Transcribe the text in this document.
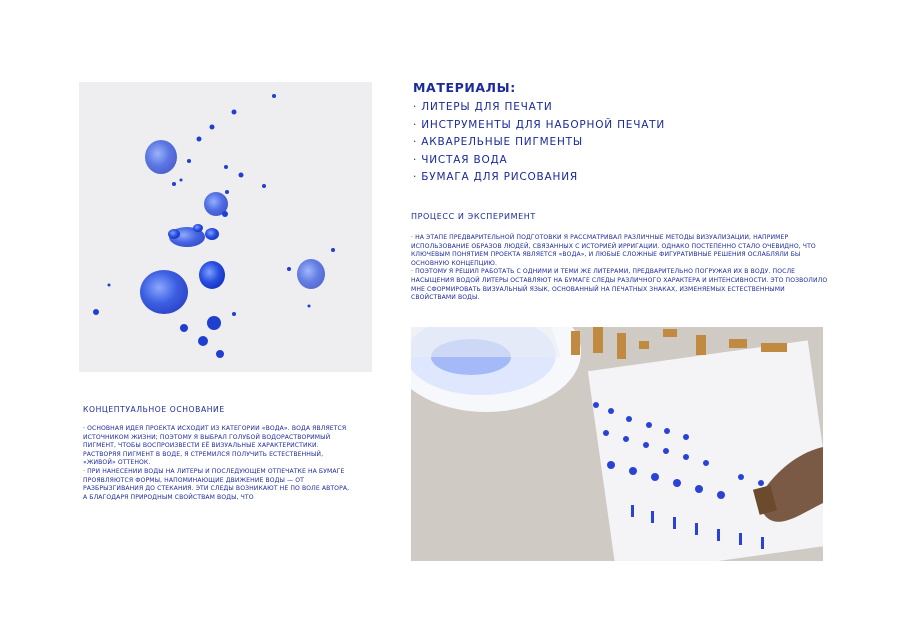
МАТЕРИАЛЫ:
· ЛИТЕРЫ ДЛЯ ПЕЧАТИ
· ИНСТРУМЕНТЫ ДЛЯ НАБОРНОЙ ПЕЧАТИ
· АКВАРЕЛЬНЫЕ ПИГМЕНТЫ
· ЧИСТАЯ ВОДА
· БУМАГА ДЛЯ РИСОВАНИЯ
ПРОЦЕСС И ЭКСПЕРИМЕНТ
· НА ЭТАПЕ ПРЕДВАРИТЕЛЬНОЙ ПОДГОТОВКИ Я РАССМАТРИВАЛ РАЗЛИЧНЫЕ МЕТОДЫ ВИЗУАЛИЗАЦИИ, НАПРИМЕР ИСПОЛЬЗОВАНИЕ ОБРАЗОВ ЛЮДЕЙ, СВЯЗАННЫХ С ИСТОРИЕЙ ИРРИГАЦИИ. ОДНАКО ПОСТЕПЕННО СТАЛО ОЧЕВИДНО, ЧТО КЛЮЧЕВЫМ ПОНЯТИЕМ ПРОЕКТА ЯВЛЯЕТСЯ «ВОДА», И ЛЮБЫЕ СЛОЖНЫЕ ФИГУРАТИВНЫЕ РЕШЕНИЯ ОСЛАБЛЯЛИ БЫ ОСНОВНУЮ КОНЦЕПЦИЮ.
· ПОЭТОМУ Я РЕШИЛ РАБОТАТЬ С ОДНИМИ И ТЕМИ ЖЕ ЛИТЕРАМИ, ПРЕДВАРИТЕЛЬНО ПОГРУЖАЯ ИХ В ВОДУ. ПОСЛЕ НАСЫЩЕНИЯ ВОДОЙ ЛИТЕРЫ ОСТАВЛЯЮТ НА БУМАГЕ СЛЕДЫ РАЗЛИЧНОГО ХАРАКТЕРА И ИНТЕНСИВНОСТИ. ЭТО ПОЗВОЛИЛО МНЕ СФОРМИРОВАТЬ ВИЗУАЛЬНЫЙ ЯЗЫК, ОСНОВАННЫЙ НА ПЕЧАТНЫХ ЗНАКАХ, ИЗМЕНЯЕМЫХ ЕСТЕСТВЕННЫМИ СВОЙСТВАМИ ВОДЫ.
КОНЦЕПТУАЛЬНОЕ ОСНОВАНИЕ
· ОСНОВНАЯ ИДЕЯ ПРОЕКТА ИСХОДИТ ИЗ КАТЕГОРИИ «ВОДА». ВОДА ЯВЛЯЕТСЯ ИСТОЧНИКОМ ЖИЗНИ; ПОЭТОМУ Я ВЫБРАЛ ГОЛУБОЙ ВОДОРАСТВОРИМЫЙ ПИГМЕНТ, ЧТОБЫ ВОСПРОИЗВЕСТИ ЕЁ ВИЗУАЛЬНЫЕ ХАРАКТЕРИСТИКИ. РАСТВОРЯЯ ПИГМЕНТ В ВОДЕ, Я СТРЕМИЛСЯ ПОЛУЧИТЬ ЕСТЕСТВЕННЫЙ, «ЖИВОЙ» ОТТЕНОК.
· ПРИ НАНЕСЕНИИ ВОДЫ НА ЛИТЕРЫ И ПОСЛЕДУЮЩЕМ ОТПЕЧАТКЕ НА БУМАГЕ ПРОЯВЛЯЮТСЯ ФОРМЫ, НАПОМИНАЮЩИЕ ДВИЖЕНИЕ ВОДЫ — ОТ РАЗБРЫЗГИВАНИЯ ДО СТЕКАНИЯ. ЭТИ СЛЕДЫ ВОЗНИКАЮТ НЕ ПО ВОЛЕ АВТОРА, А БЛАГОДАРЯ ПРИРОДНЫМ СВОЙСТВАМ ВОДЫ, ЧТО
